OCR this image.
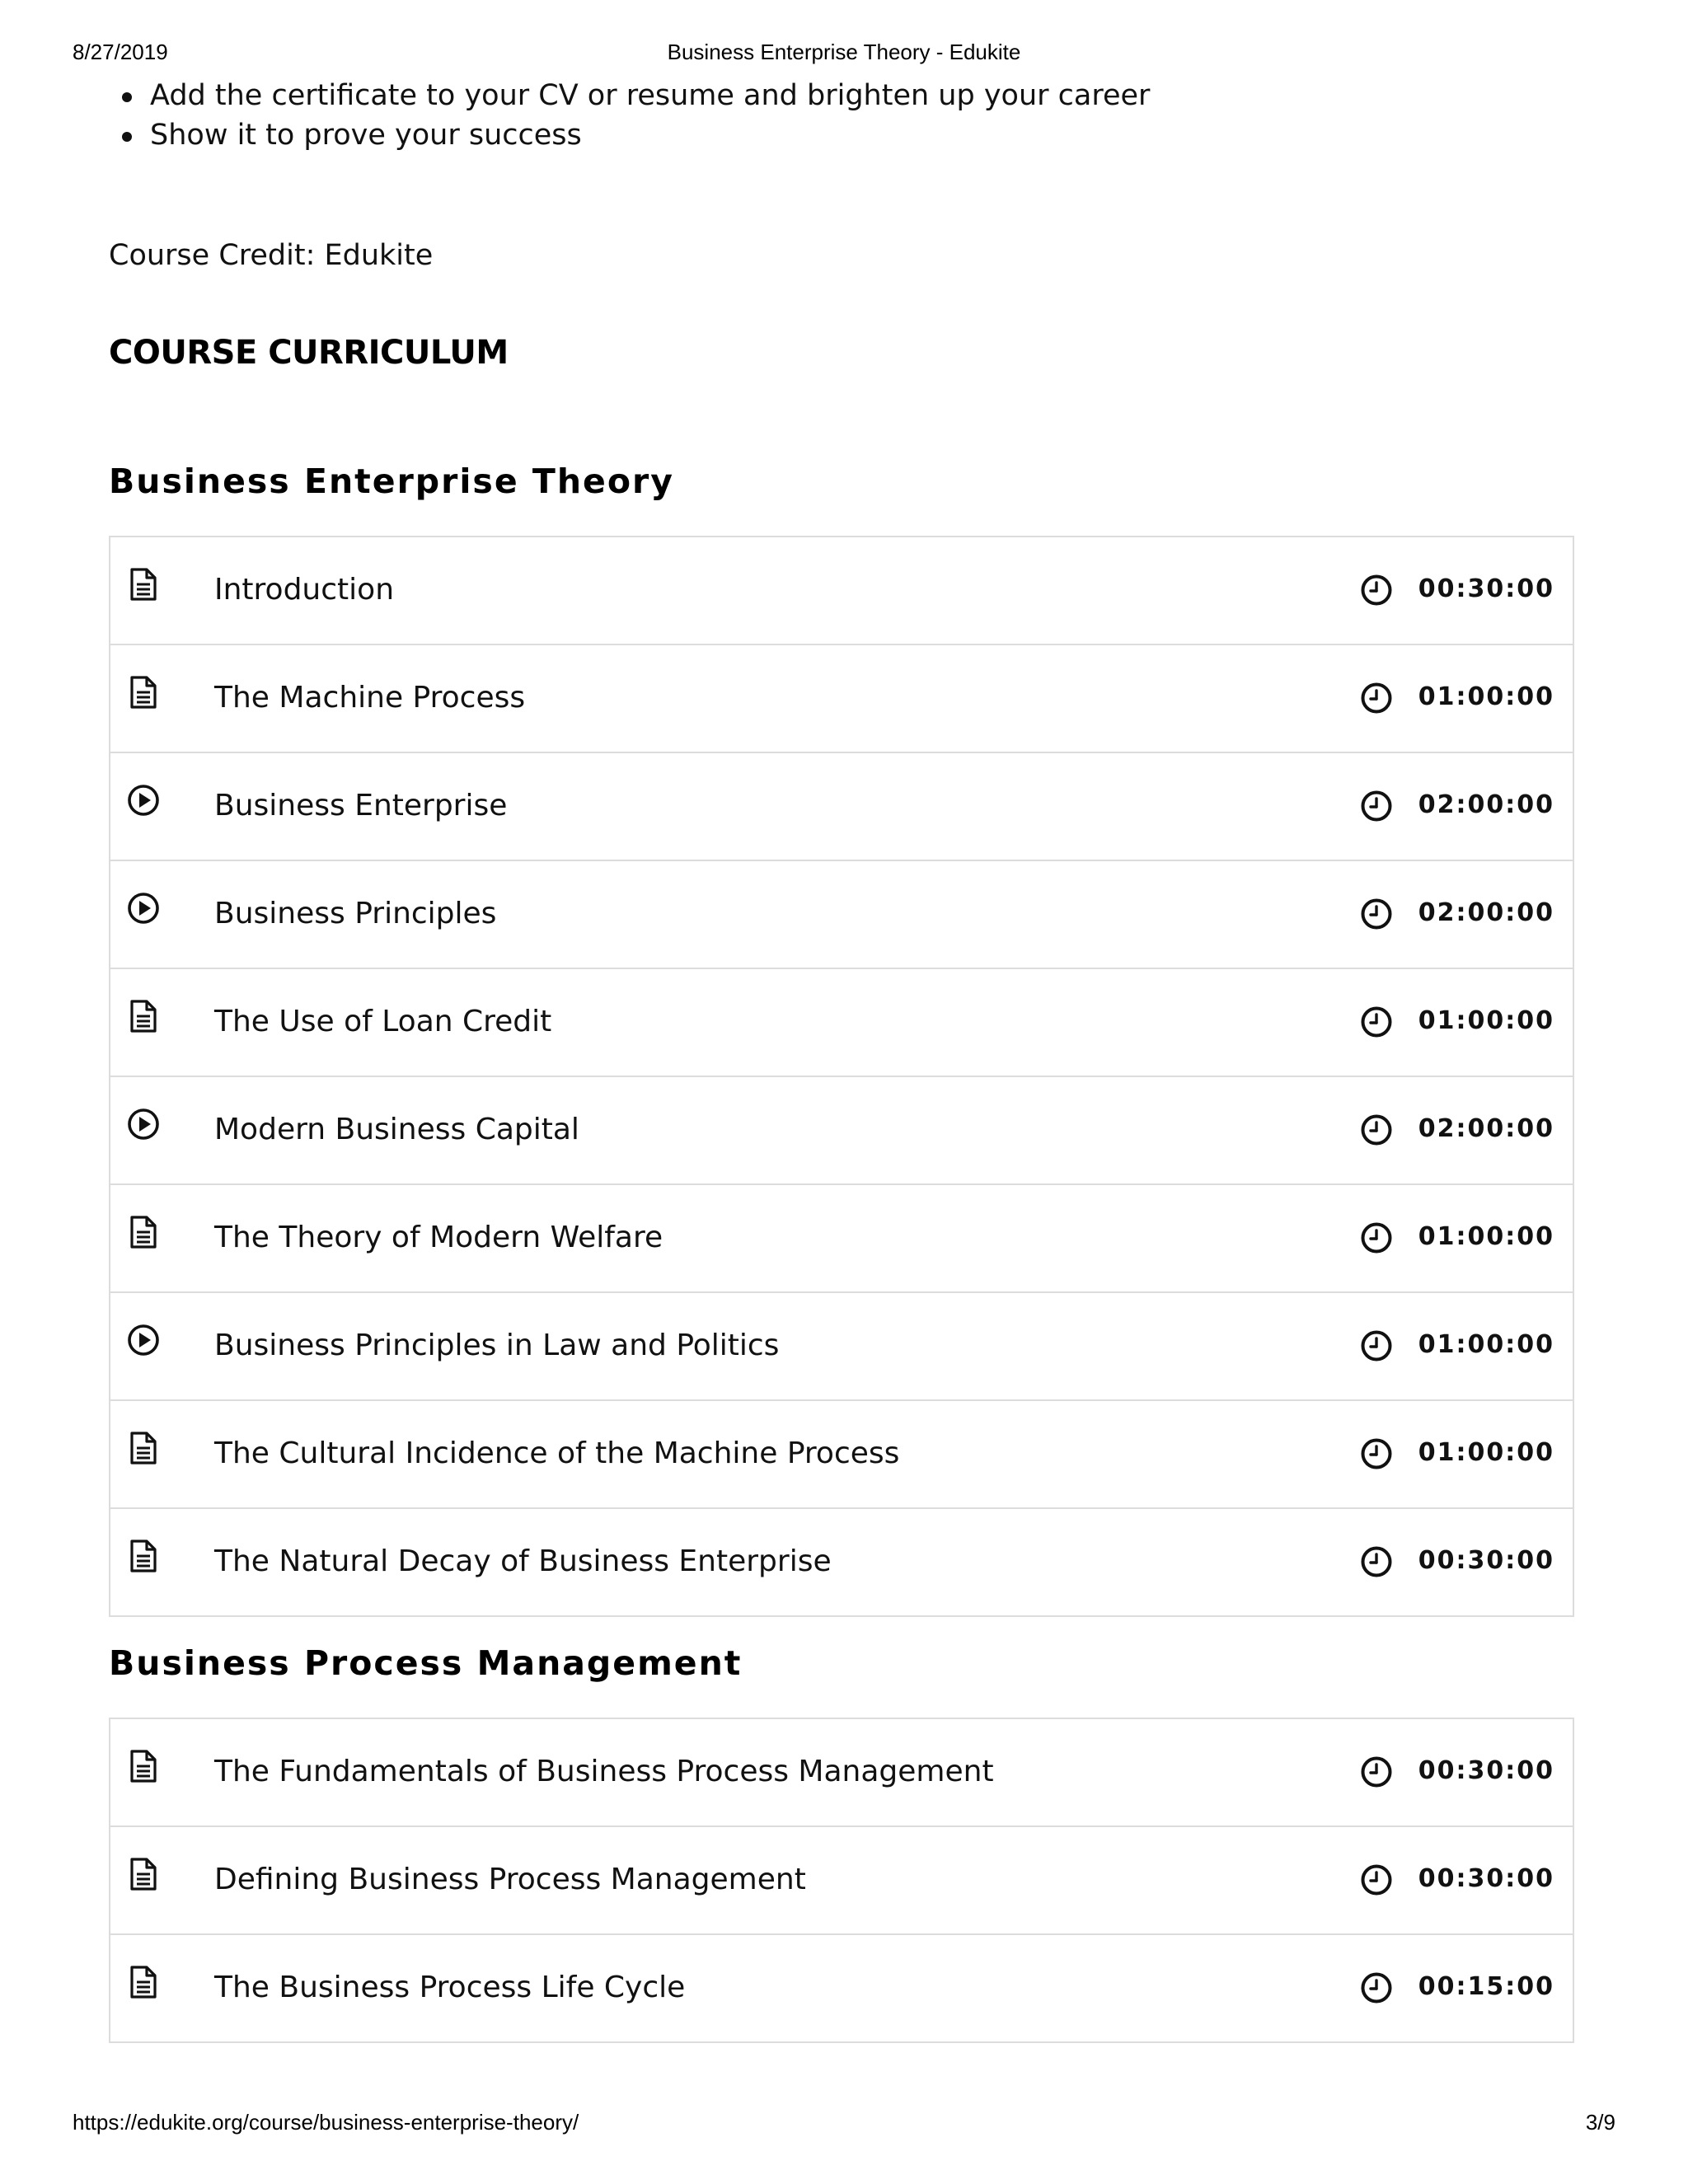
8/27/2019	Business Enterprise Theory - Edukite
Add the certificate to your CV or resume and brighten up your career
Show it to prove your success
Course Credit: Edukite
COURSE CURRICULUM
Business Enterprise Theory
Introduction	00:30:00
The Machine Process	01:00:00
Business Enterprise	02:00:00
Business Principles	02:00:00
The Use of Loan Credit	01:00:00
Modern Business Capital	02:00:00
The Theory of Modern Welfare	01:00:00
Business Principles in Law and Politics	01:00:00
The Cultural Incidence of the Machine Process	01:00:00
The Natural Decay of Business Enterprise	00:30:00
Business Process Management
The Fundamentals of Business Process Management	00:30:00
Defining Business Process Management	00:30:00
The Business Process Life Cycle	00:15:00
https://edukite.org/course/business-enterprise-theory/	3/9
